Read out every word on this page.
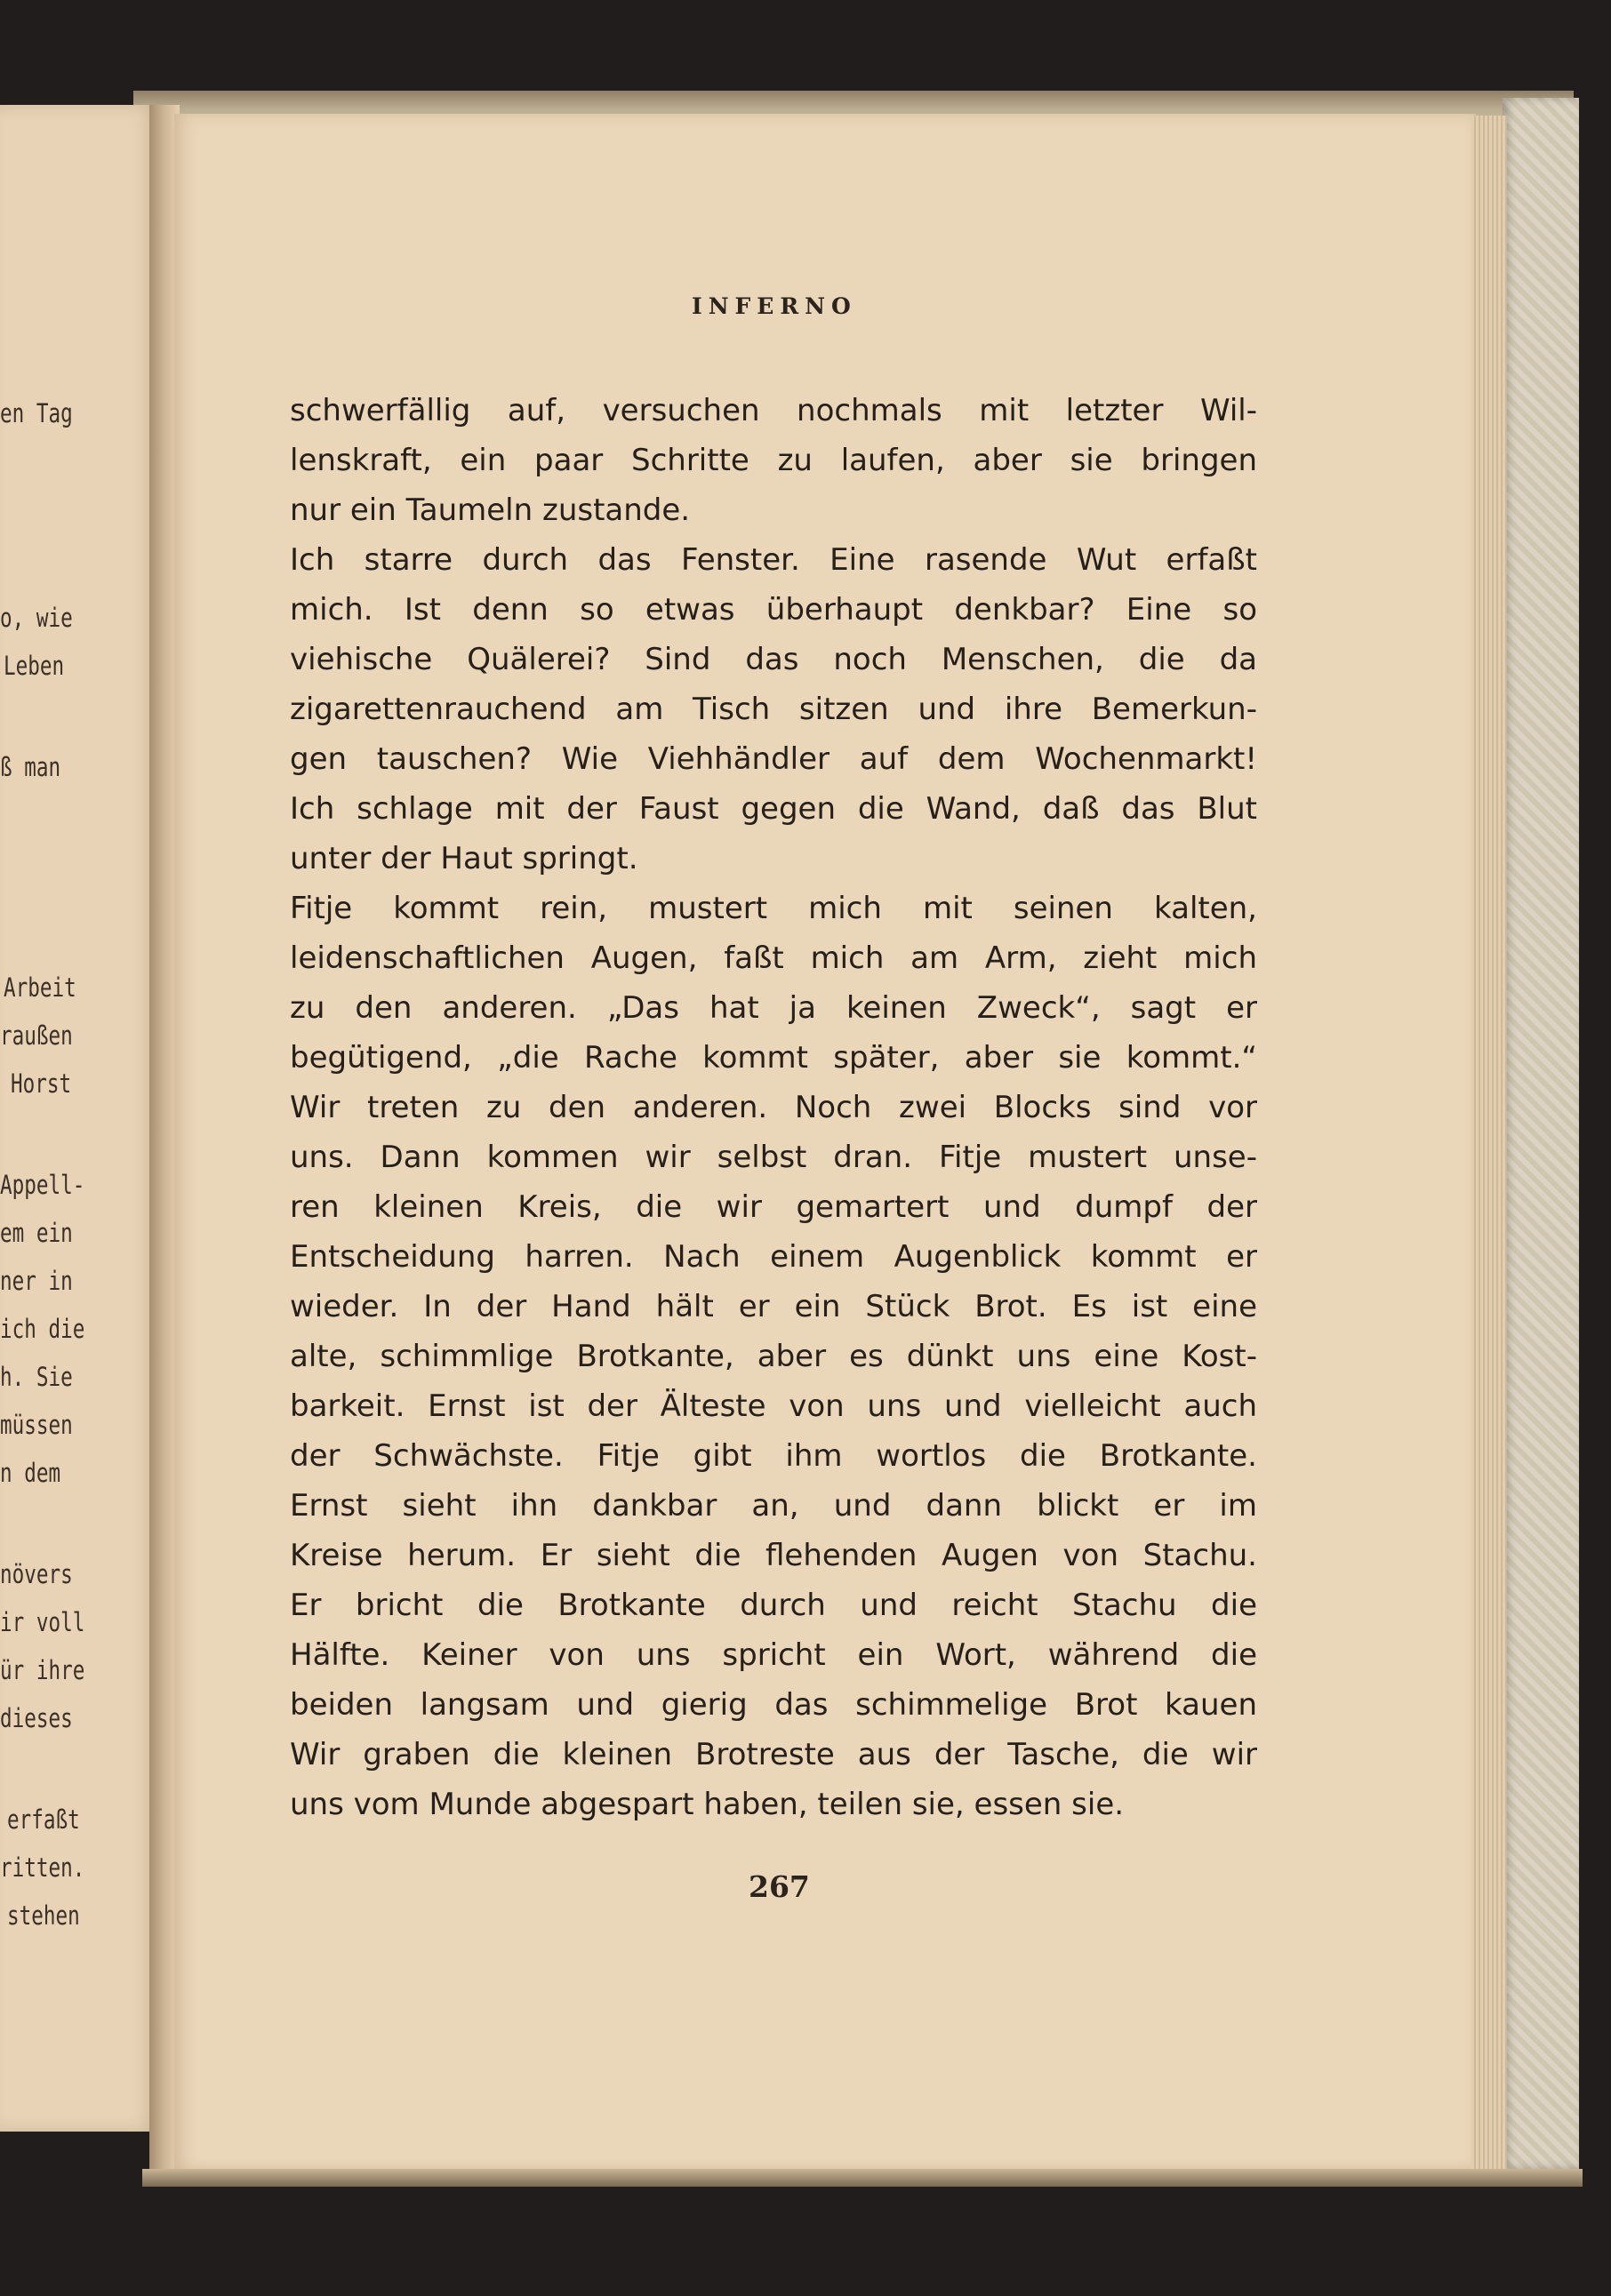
en Tag
o, wie
Leben
ß man
Arbeit
raußen
Horst
Appell-
em ein
ner in
ich die
h. Sie
müssen
n dem
növers
ir voll
ür ihre
dieses
erfaßt
ritten.
stehen
INFERNO
schwerfällig auf, versuchen nochmals mit letzter Wil-
lenskraft, ein paar Schritte zu laufen, aber sie bringen
nur ein Taumeln zustande.
Ich starre durch das Fenster. Eine rasende Wut erfaßt
mich. Ist denn so etwas überhaupt denkbar? Eine so
viehische Quälerei? Sind das noch Menschen, die da
zigarettenrauchend am Tisch sitzen und ihre Bemerkun-
gen tauschen? Wie Viehhändler auf dem Wochenmarkt!
Ich schlage mit der Faust gegen die Wand, daß das Blut
unter der Haut springt.
Fitje kommt rein, mustert mich mit seinen kalten,
leidenschaftlichen Augen, faßt mich am Arm, zieht mich
zu den anderen. „Das hat ja keinen Zweck“, sagt er
begütigend, „die Rache kommt später, aber sie kommt.“
Wir treten zu den anderen. Noch zwei Blocks sind vor
uns. Dann kommen wir selbst dran. Fitje mustert unse-
ren kleinen Kreis, die wir gemartert und dumpf der
Entscheidung harren. Nach einem Augenblick kommt er
wieder. In der Hand hält er ein Stück Brot. Es ist eine
alte, schimmlige Brotkante, aber es dünkt uns eine Kost-
barkeit. Ernst ist der Älteste von uns und vielleicht auch
der Schwächste. Fitje gibt ihm wortlos die Brotkante.
Ernst sieht ihn dankbar an, und dann blickt er im
Kreise herum. Er sieht die flehenden Augen von Stachu.
Er bricht die Brotkante durch und reicht Stachu die
Hälfte. Keiner von uns spricht ein Wort, während die
beiden langsam und gierig das schimmelige Brot kauen
Wir graben die kleinen Brotreste aus der Tasche, die wir
uns vom Munde abgespart haben, teilen sie, essen sie.
267
